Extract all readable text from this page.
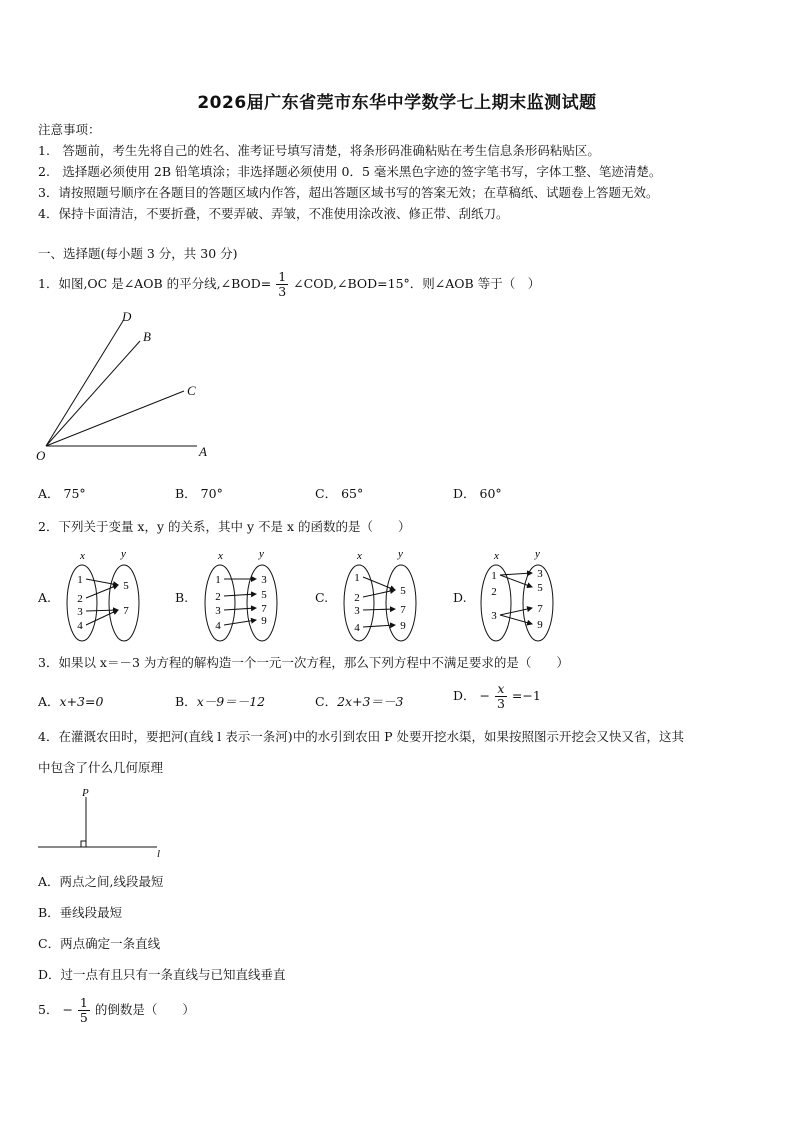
2026届广东省莞市东华中学数学七上期末监测试题
注意事项：
1.　答题前，考生先将自己的姓名、准考证号填写清楚，将条形码准确粘贴在考生信息条形码粘贴区。
2.　选择题必须使用 2B 铅笔填涂；非选择题必须使用 0．5 毫米黑色字迹的签字笔书写，字体工整、笔迹清楚。
3．请按照题号顺序在各题目的答题区域内作答，超出答题区域书写的答案无效；在草稿纸、试题卷上答题无效。
4．保持卡面清洁，不要折叠，不要弄破、弄皱，不准使用涂改液、修正带、刮纸刀。
一、选择题(每小题 3 分，共 30 分)
1．如图,OC 是∠AOB 的平分线,∠BOD= $\frac{1}{3}$ ∠COD,∠BOD=15°．则∠AOB 等于（　）
D
B
C
O	A
A． 75°	B． 70°	C． 65°	D． 60°
2．下列关于变量 x，y 的关系，其中 y 不是 x 的函数的是（　　）
A.	B.	C.	D.
x	y
1
2
3
4
5
7
x	y
1
2
3
4
3
5
7
9
x	y
1
2
3
4
5
7
9
x	y
1
2
3
3
5
7
9
3．如果以 x＝－3 为方程的解构造一个一元一次方程，那么下列方程中不满足要求的是（　　）
A．x+3=0	B．x－9＝－12	C．2x+3＝－3	D． − $\frac{x}{3} =-1$
4．在灌溉农田时，要把河(直线 l 表示一条河)中的水引到农田 P 处要开挖水渠，如果按照图示开挖会又快又省，这其
中包含了什么几何原理
P
l
A．两点之间,线段最短
B．垂线段最短
C．两点确定一条直线
D．过一点有且只有一条直线与已知直线垂直
5． − $\frac{1}{5}$ 的倒数是（　　）
